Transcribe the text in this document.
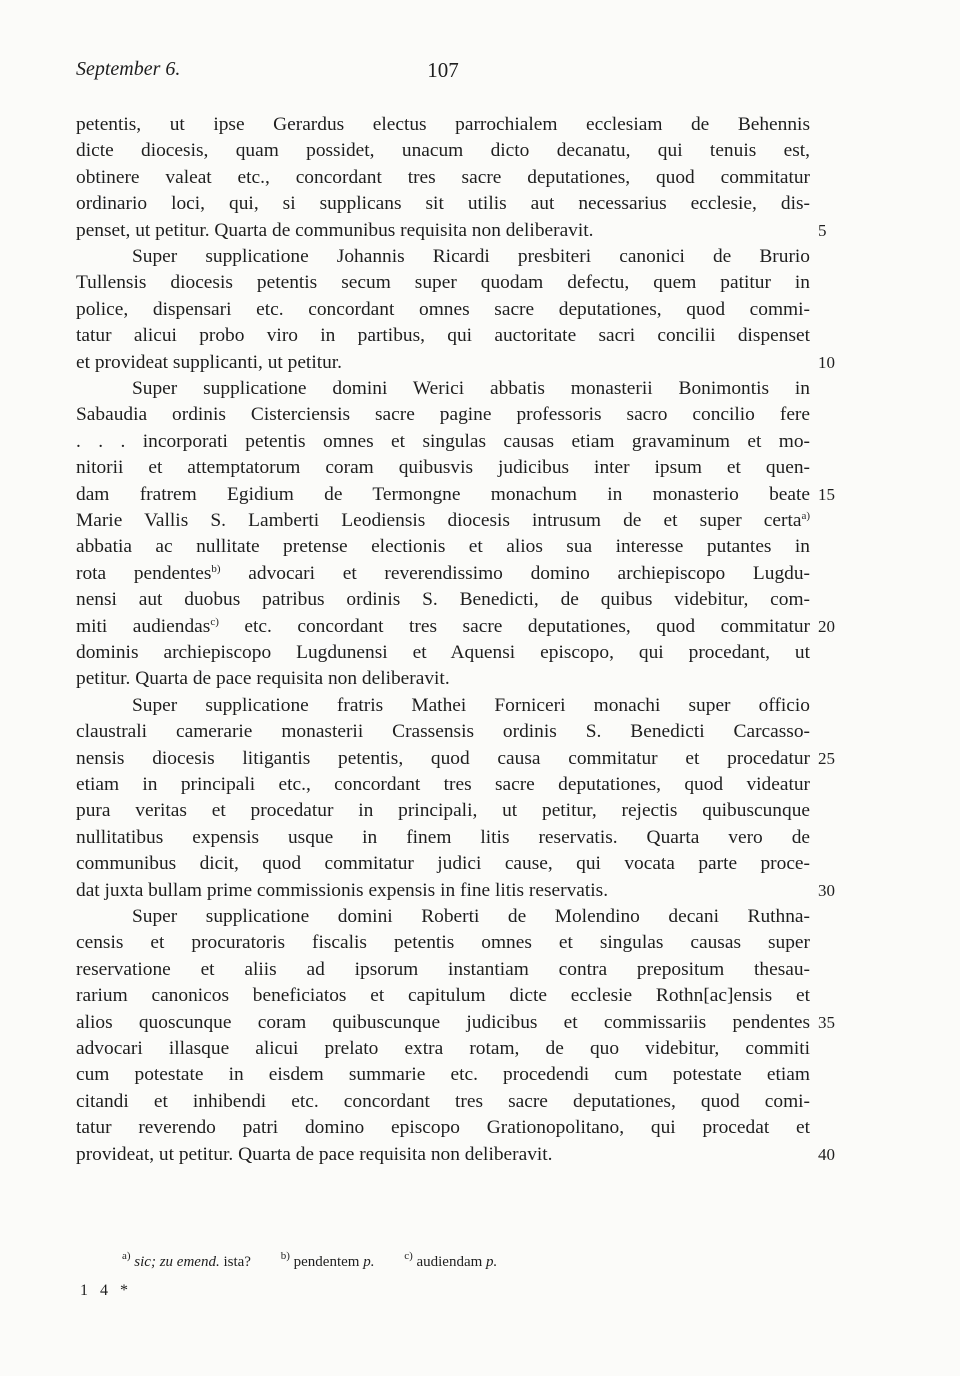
September 6.	107
petentis, ut ipse Gerardus electus parrochialem ecclesiam de Behennis
dicte diocesis, quam possidet, unacum dicto decanatu, qui tenuis est,
obtinere valeat etc., concordant tres sacre deputationes, quod commitatur
ordinario loci, qui, si supplicans sit utilis aut necessarius ecclesie, dis-
penset, ut petitur. Quarta de communibus requisita non deliberavit.	5
Super supplicatione Johannis Ricardi presbiteri canonici de Brurio
Tullensis diocesis petentis secum super quodam defectu, quem patitur in
police, dispensari etc. concordant omnes sacre deputationes, quod commi-
tatur alicui probo viro in partibus, qui auctoritate sacri concilii dispenset
et provideat supplicanti, ut petitur.	10
Super supplicatione domini Werici abbatis monasterii Bonimontis in
Sabaudia ordinis Cisterciensis sacre pagine professoris sacro concilio fere
. . . incorporati petentis omnes et singulas causas etiam gravaminum et mo-
nitorii et attemptatorum coram quibusvis judicibus inter ipsum et quen-
dam fratrem Egidium de Termongne monachum in monasterio beate 15
Marie Vallis S. Lamberti Leodiensis diocesis intrusum de et super certa$^{a)}$
abbatia ac nullitate pretense electionis et alios sua interesse putantes in
rota pendentes$^{b)}$ advocari et reverendissimo domino archiepiscopo Lugdu-
nensi aut duobus patribus ordinis S. Benedicti, de quibus videbitur, com-
miti audiendas$^{c)}$ etc. concordant tres sacre deputationes, quod commitatur 20
dominis archiepiscopo Lugdunensi et Aquensi episcopo, qui procedant, ut
petitur. Quarta de pace requisita non deliberavit.
Super supplicatione fratris Mathei Forniceri monachi super officio
claustrali camerarie monasterii Crassensis ordinis S. Benedicti Carcasso-
nensis diocesis litigantis petentis, quod causa commitatur et procedatur 25
etiam in principali etc., concordant tres sacre deputationes, quod videatur
pura veritas et procedatur in principali, ut petitur, rejectis quibuscunque
nullitatibus expensis usque in finem litis reservatis. Quarta vero de
communibus dicit, quod commitatur judici cause, qui vocata parte proce-
dat juxta bullam prime commissionis expensis in fine litis reservatis.	30
Super supplicatione domini Roberti de Molendino decani Ruthna-
censis et procuratoris fiscalis petentis omnes et singulas causas super
reservatione et aliis ad ipsorum instantiam contra prepositum thesau-
rarium canonicos beneficiatos et capitulum dicte ecclesie Rothn[ac]ensis et
alios quoscunque coram quibuscunque judicibus et commissariis pendentes 35
advocari illasque alicui prelato extra rotam, de quo videbitur, commiti
cum potestate in eisdem summarie etc. procedendi cum potestate etiam
citandi et inhibendi etc. concordant tres sacre deputationes, quod comi-
tatur reverendo patri domino episcopo Grationopolitano, qui procedat et
provideat, ut petitur. Quarta de pace requisita non deliberavit.	40
$^{a)}$ sic; zu emend. ista?	$^{b)}$ pendentem p.	$^{c)}$ audiendam p.
1 4 *
